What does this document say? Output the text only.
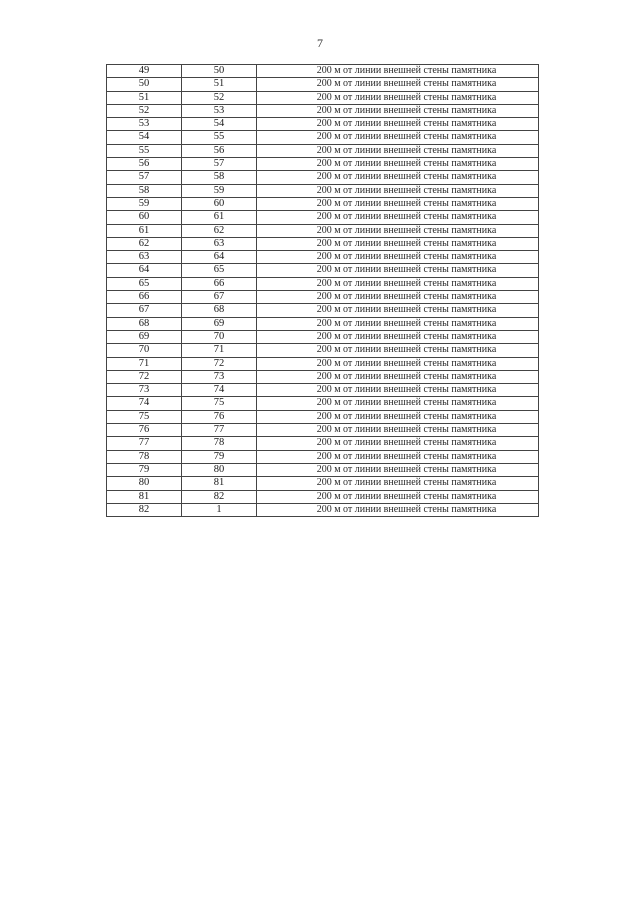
7
49	50	200 м от линии внешней стены памятника
50	51	200 м от линии внешней стены памятника
51	52	200 м от линии внешней стены памятника
52	53	200 м от линии внешней стены памятника
53	54	200 м от линии внешней стены памятника
54	55	200 м от линии внешней стены памятника
55	56	200 м от линии внешней стены памятника
56	57	200 м от линии внешней стены памятника
57	58	200 м от линии внешней стены памятника
58	59	200 м от линии внешней стены памятника
59	60	200 м от линии внешней стены памятника
60	61	200 м от линии внешней стены памятника
61	62	200 м от линии внешней стены памятника
62	63	200 м от линии внешней стены памятника
63	64	200 м от линии внешней стены памятника
64	65	200 м от линии внешней стены памятника
65	66	200 м от линии внешней стены памятника
66	67	200 м от линии внешней стены памятника
67	68	200 м от линии внешней стены памятника
68	69	200 м от линии внешней стены памятника
69	70	200 м от линии внешней стены памятника
70	71	200 м от линии внешней стены памятника
71	72	200 м от линии внешней стены памятника
72	73	200 м от линии внешней стены памятника
73	74	200 м от линии внешней стены памятника
74	75	200 м от линии внешней стены памятника
75	76	200 м от линии внешней стены памятника
76	77	200 м от линии внешней стены памятника
77	78	200 м от линии внешней стены памятника
78	79	200 м от линии внешней стены памятника
79	80	200 м от линии внешней стены памятника
80	81	200 м от линии внешней стены памятника
81	82	200 м от линии внешней стены памятника
82	1	200 м от линии внешней стены памятника
